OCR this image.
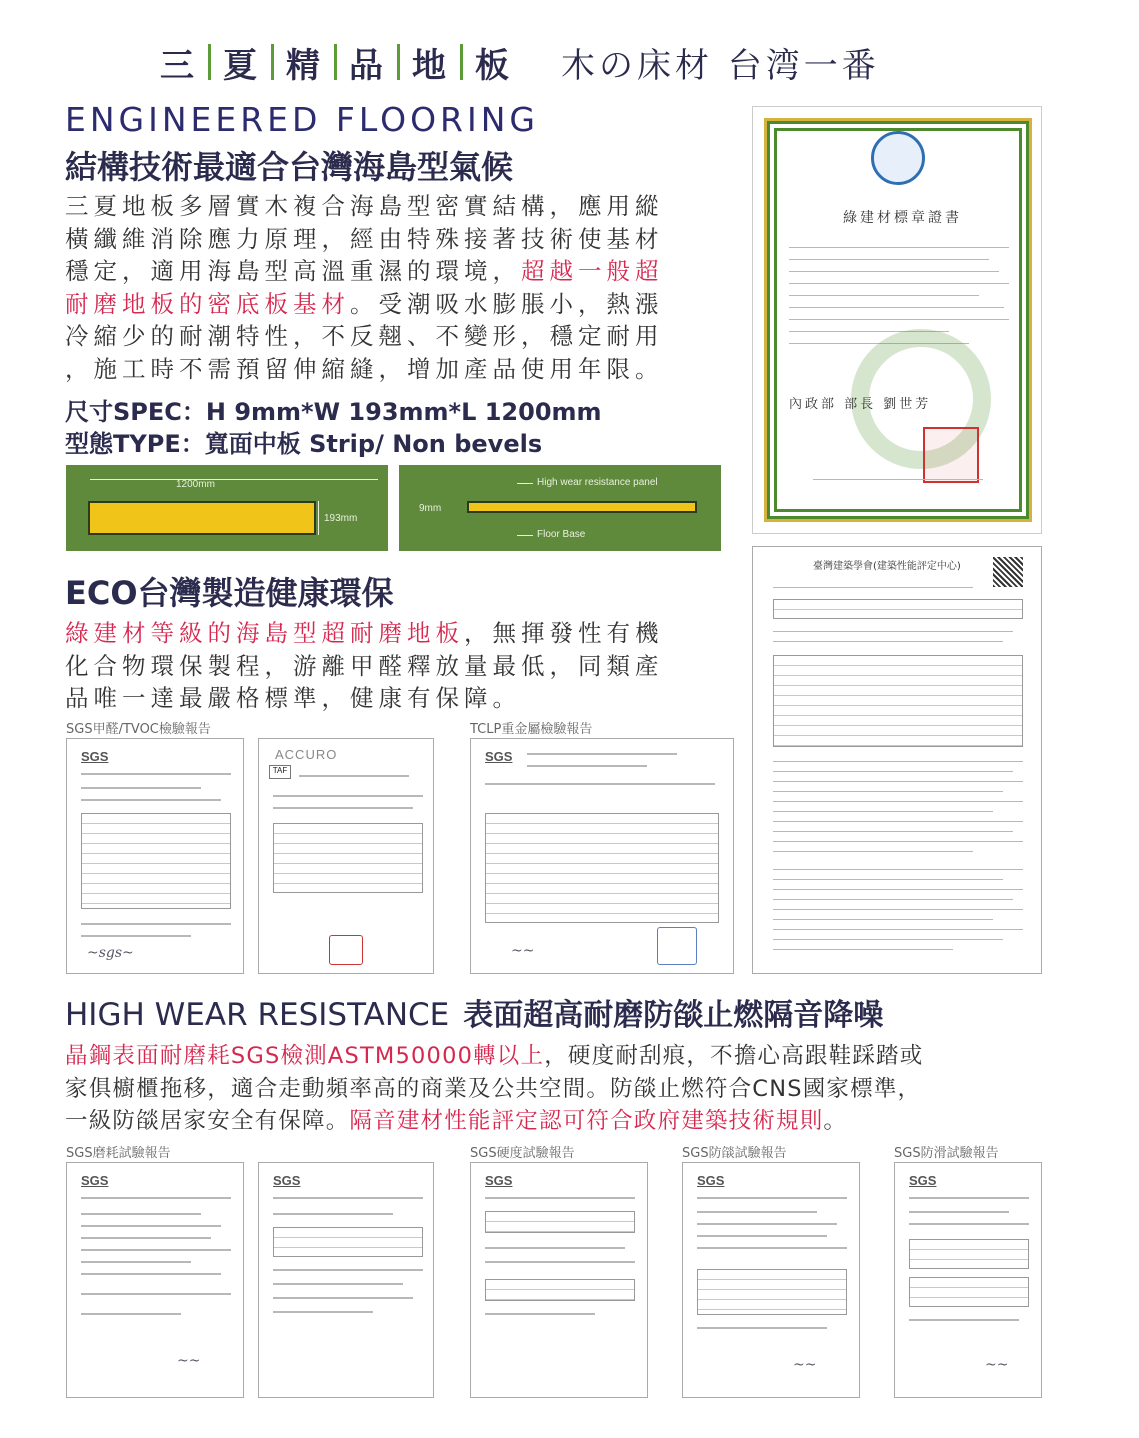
三 夏 精 品 地 板 木の床材 台湾一番
ENGINEERED FLOORING
結構技術最適合台灣海島型氣候
三夏地板多層實木複合海島型密實結構，應用縱
橫纖維消除應力原理，經由特殊接著技術使基材
穩定，適用海島型高溫重濕的環境，超越一般超
耐磨地板的密底板基材。受潮吸水膨脹小，熱漲
冷縮少的耐潮特性，不反翹、不變形，穩定耐用
，施工時不需預留伸縮縫，增加產品使用年限。
尺寸SPEC：H 9mm*W 193mm*L 1200mm
型態TYPE：寬面中板 Strip/ Non bevels
1200mm
193mm
High wear resistance panel
9mm
Floor Base
綠建材標章證書
內政部 部長 劉世芳
ECO台灣製造健康環保
綠建材等級的海島型超耐磨地板，無揮發性有機
化合物環保製程，游離甲醛釋放量最低，同類產
品唯一達最嚴格標準，健康有保障。
SGS甲醛/TVOC檢驗報告	TCLP重金屬檢驗報告
SGS
~sgs~
ACCURO
TAF
SGS
~~
臺灣建築學會(建築性能評定中心)
HIGH WEAR RESISTANCE 表面超高耐磨防燄止燃隔音降噪
晶鋼表面耐磨耗SGS檢測ASTM50000轉以上，硬度耐刮痕，不擔心高跟鞋踩踏或
家俱櫥櫃拖移，適合走動頻率高的商業及公共空間。防燄止燃符合CNS國家標準，
一級防燄居家安全有保障。隔音建材性能評定認可符合政府建築技術規則。
SGS磨耗試驗報告	SGS硬度試驗報告	SGS防燄試驗報告	SGS防滑試驗報告
SGS
~~
SGS	SGS	SGS
~~
SGS
~~
